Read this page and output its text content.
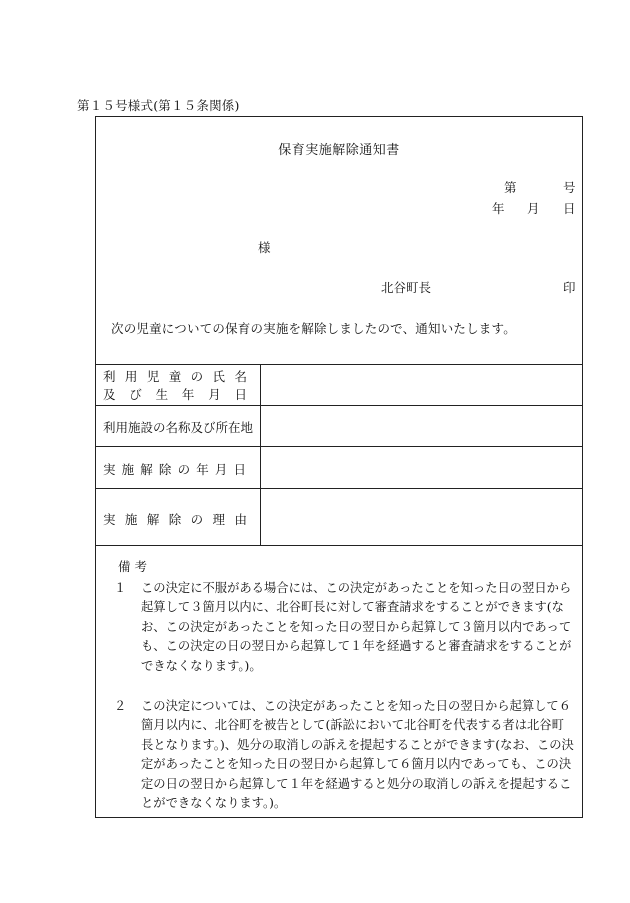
第１５号様式(第１５条関係)
保育実施解除通知書
第	号
年 月 日
様
北谷町長	印
次の児童についての保育の実施を解除しましたので、通知いたします。
利 用 児 童 の 氏 名
及 び 生 年 月 日
利用施設の名称及び所在地
実 施 解 除 の 年 月 日
実 施 解 除 の 理 由
備 考
１	この決定に不服がある場合には、この決定があったことを知った日の翌日から起算して３箇月以内に、北谷町長に対して審査請求をすることができます(なお、この決定があったことを知った日の翌日から起算して３箇月以内であっても、この決定の日の翌日から起算して１年を経過すると審査請求をすることができなくなります。)。
２	この決定については、この決定があったことを知った日の翌日から起算して６箇月以内に、北谷町を被告として(訴訟において北谷町を代表する者は北谷町長となります。)、処分の取消しの訴えを提起することができます(なお、この決定があったことを知った日の翌日から起算して６箇月以内であっても、この決定の日の翌日から起算して１年を経過すると処分の取消しの訴えを提起することができなくなります。)。
